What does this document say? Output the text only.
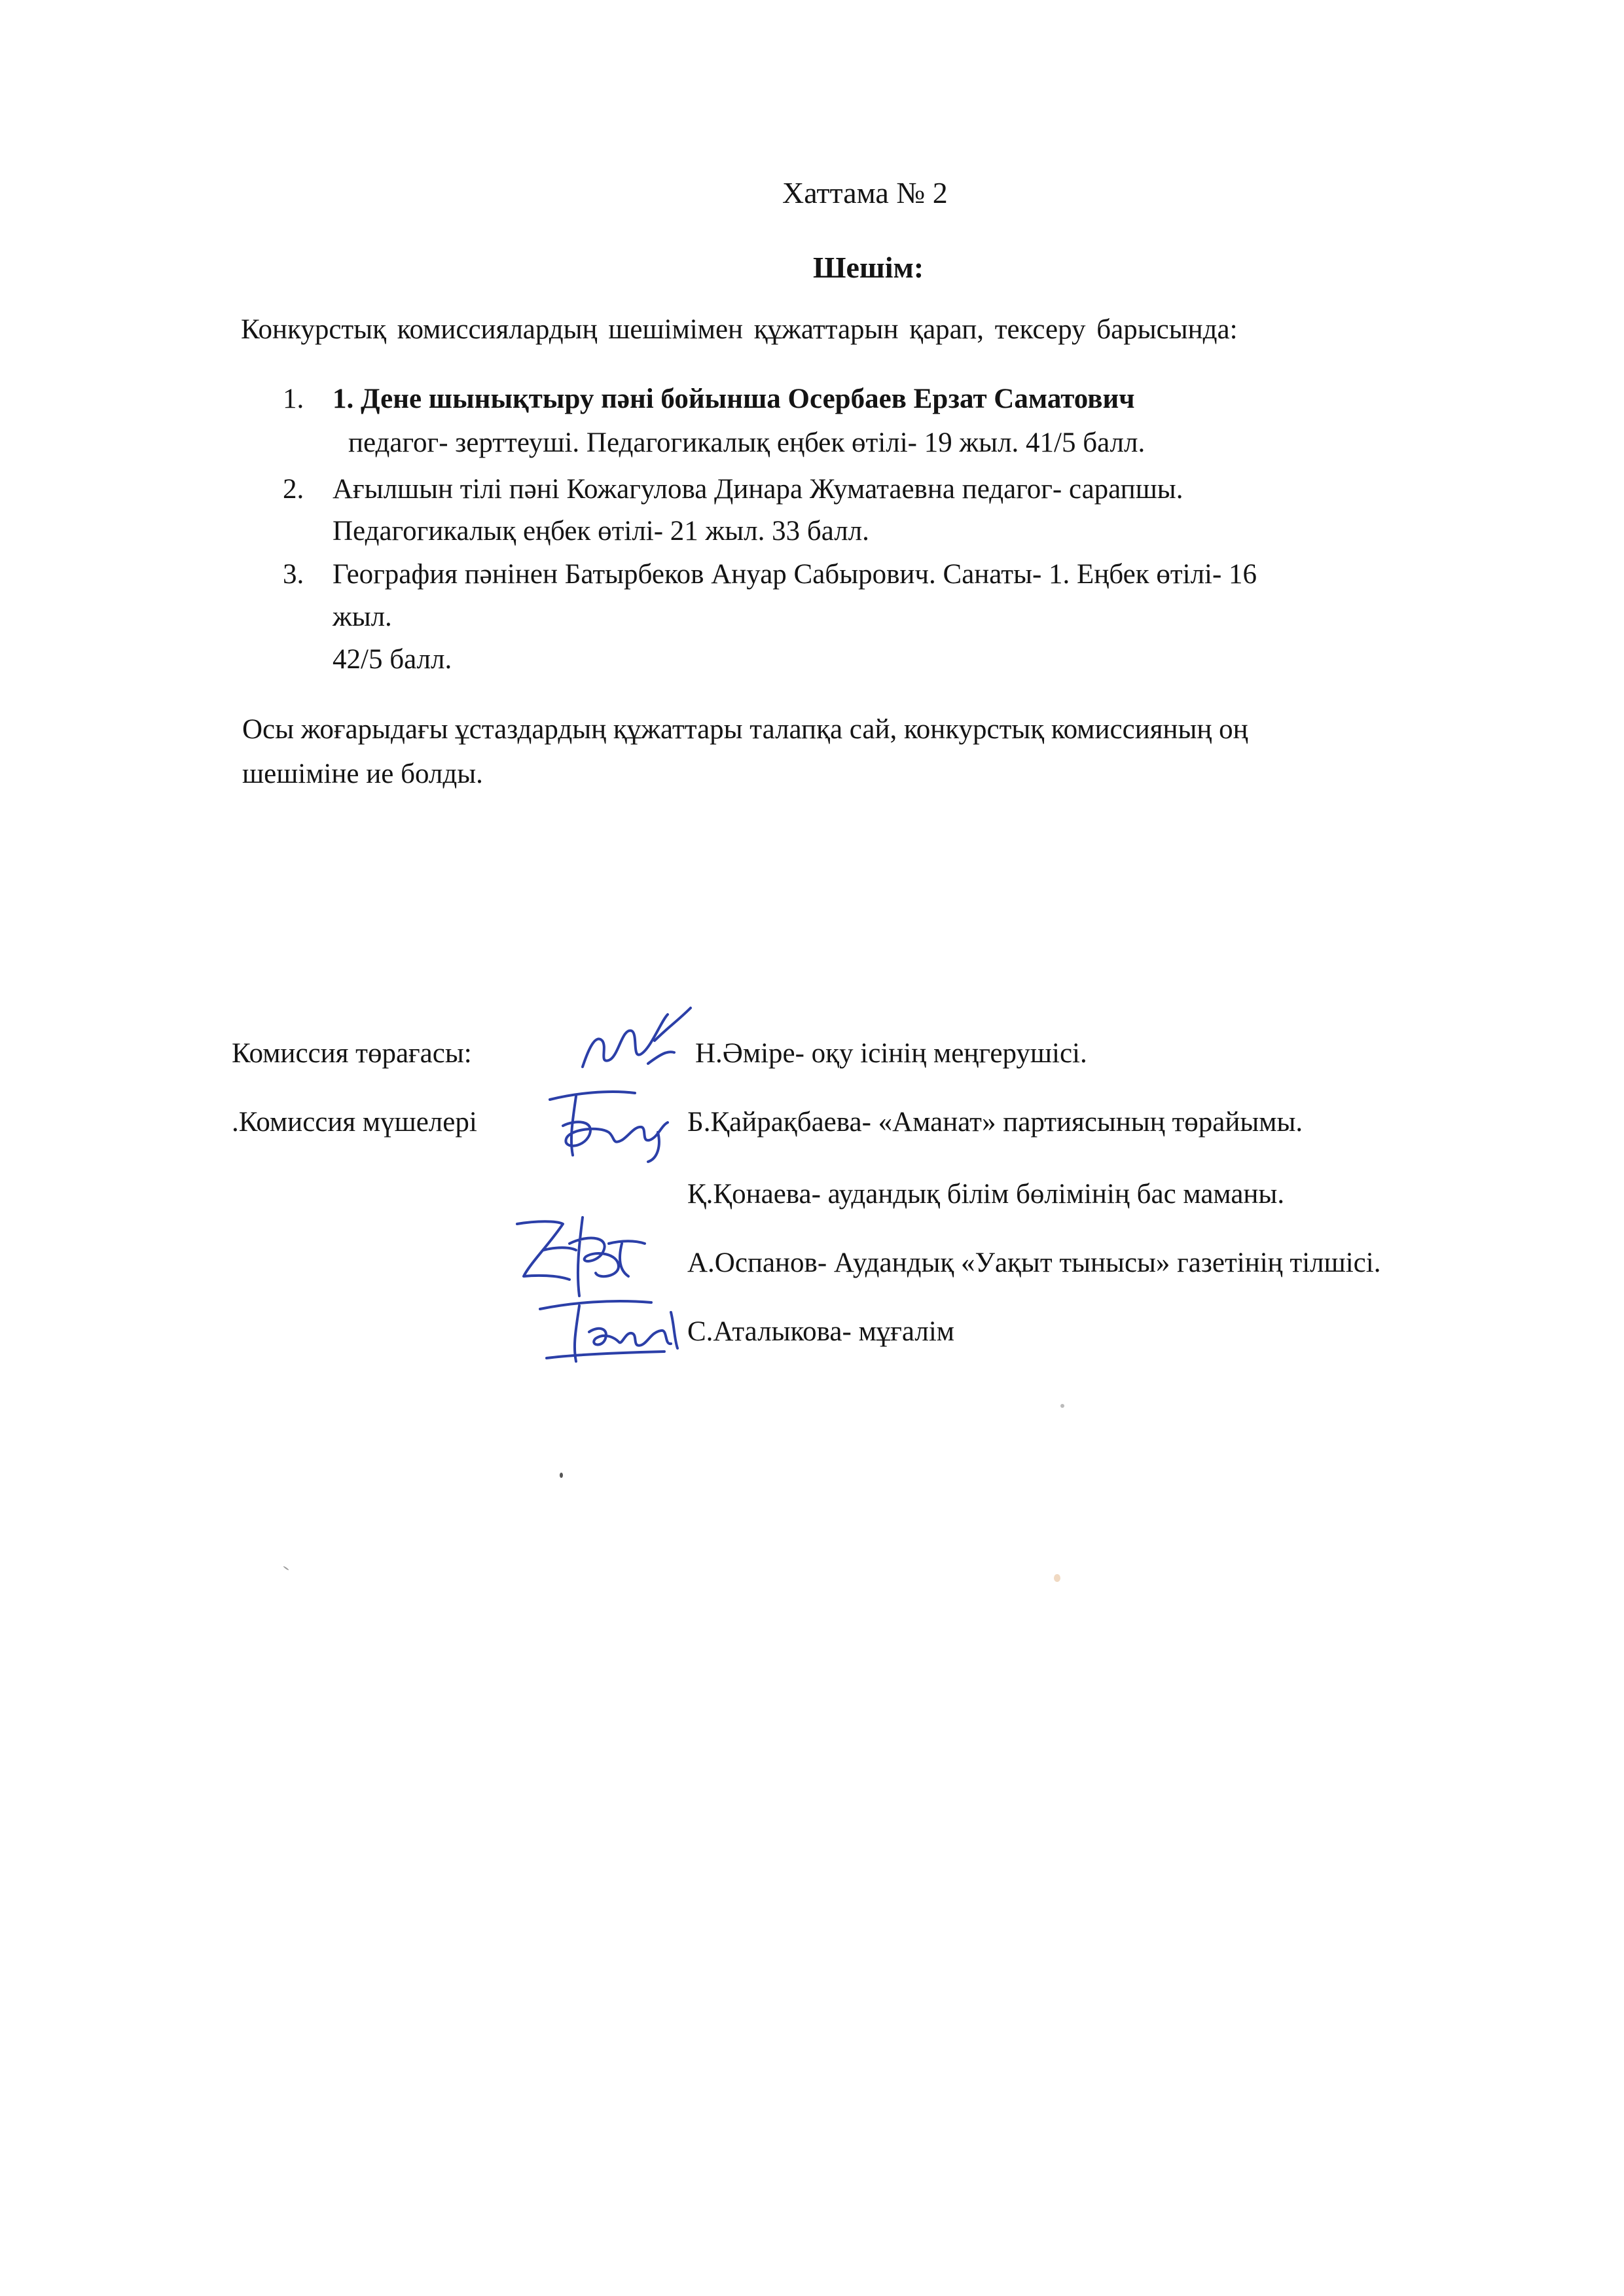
Хаттама № 2
Шешім:
Конкурстық комиссиялардың шешімімен құжаттарын қарап, тексеру барысында:
1. 1. Дене шынықтыру пәні бойынша Осербаев Ерзат Саматович
педагог- зерттеуші. Педагогикалық еңбек өтілі- 19 жыл. 41/5 балл.
2. Ағылшын тілі пәні Кожагулова Динара Жуматаевна педагог- сарапшы.
Педагогикалық еңбек өтілі- 21 жыл. 33 балл.
3. География пәнінен Батырбеков Ануар Сабырович. Санаты- 1. Еңбек өтілі- 16
жыл.
42/5 балл.
Осы жоғарыдағы ұстаздардың құжаттары талапқа сай, конкурстық комиссияның оң
шешіміне ие болды.
Комиссия төрағасы:
.Комиссия мүшелері
Н.Әміре- оқу ісінің меңгерушісі.
Б.Қайрақбаева- «Аманат» партиясының төрайымы.
Қ.Қонаева- аудандық білім бөлімінің бас маманы.
А.Оспанов- Аудандық «Уақыт тынысы» газетінің тілшісі.
С.Аталыкова- мұғалім
